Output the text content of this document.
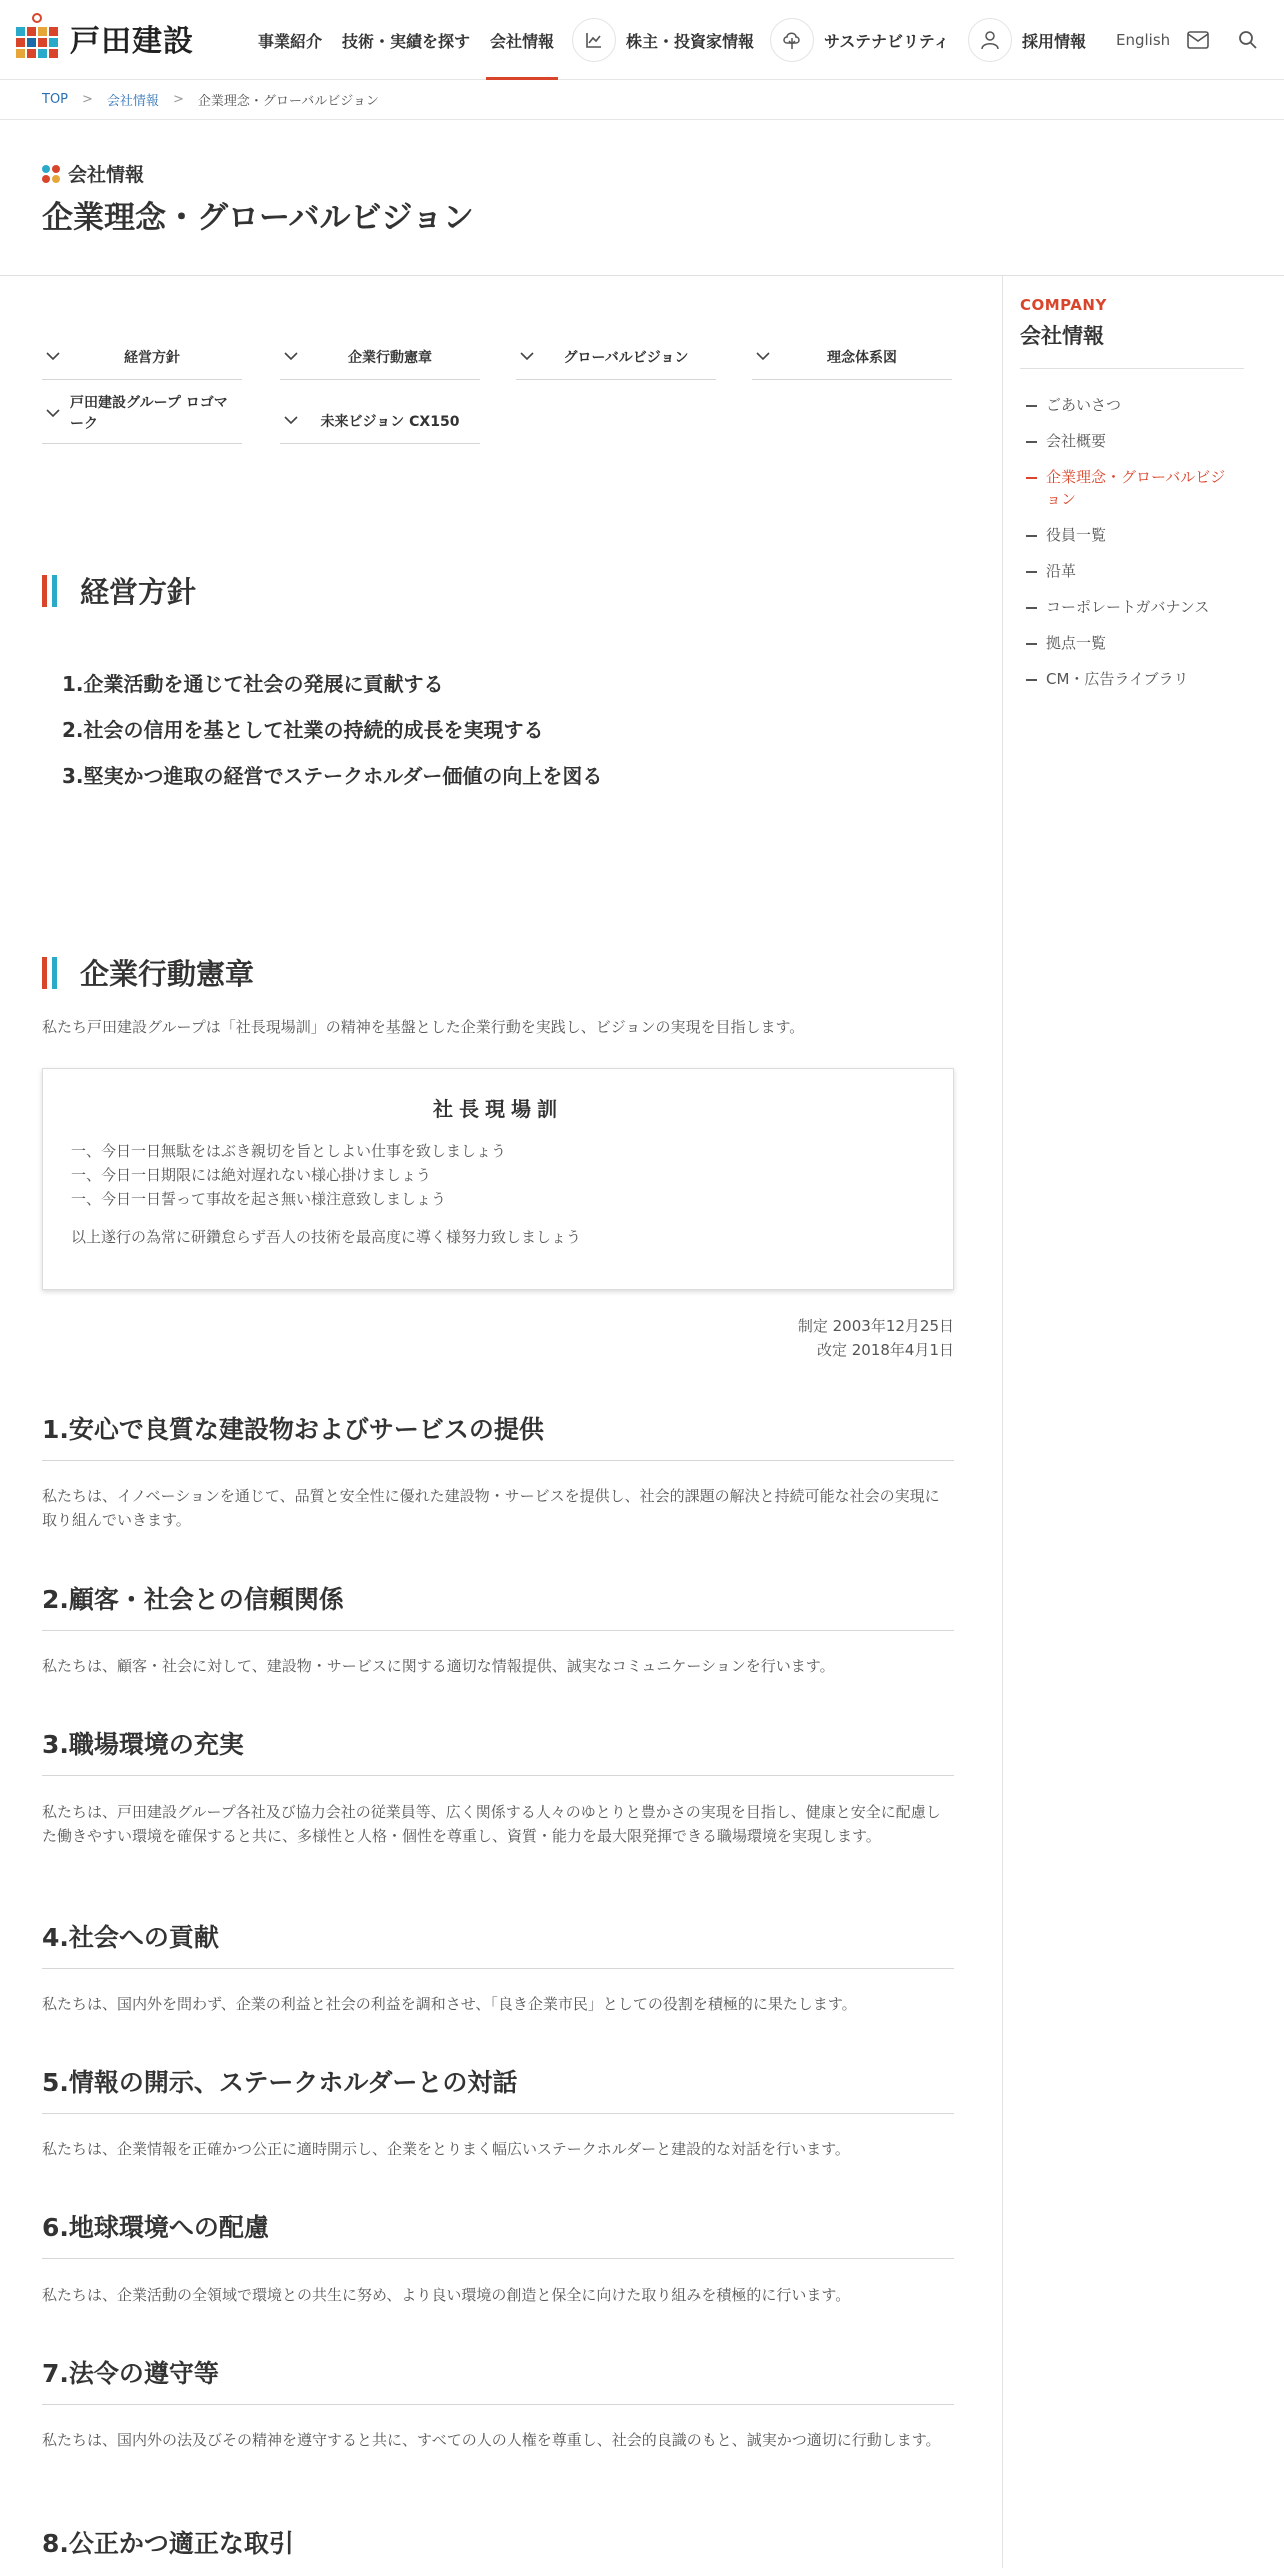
戸田建設	事業紹介 技術・実績を探す 会社情報	株主・投資家情報	サステナビリティ	採用情報 English
TOP > 会社情報 > 企業理念・グローバルビジョン
会社情報
企業理念・グローバルビジョン
COMPANY
会社情報
ごあいさつ
会社概要
企業理念・グローバルビジョン
役員一覧
沿革
コーポレートガバナンス
拠点一覧
CM・広告ライブラリ
経営方針	企業行動憲章	グローバルビジョン	理念体系図
戸田建設グループ ロゴマーク	未来ビジョン CX150
経営方針
1.企業活動を通じて社会の発展に貢献する
2.社会の信用を基として社業の持続的成長を実現する
3.堅実かつ進取の経営でステークホルダー価値の向上を図る
企業行動憲章

私たち戸田建設グループは「社長現場訓」の精神を基盤とした企業行動を実践し、ビジョンの実現を目指します。

社長現場訓
一、今日一日無駄をはぶき親切を旨としよい仕事を致しましょう
一、今日一日期限には絶対遅れない様心掛けましょう
一、今日一日誓って事故を起さ無い様注意致しましょう
以上遂行の為常に研鑽怠らず吾人の技術を最高度に導く様努力致しましょう
制定 2003年12月25日
改定 2018年4月1日
1.安心で良質な建設物およびサービスの提供

私たちは、イノベーションを通じて、品質と安全性に優れた建設物・サービスを提供し、社会的課題の解決と持続可能な社会の実現に取り組んでいきます。

2.顧客・社会との信頼関係

私たちは、顧客・社会に対して、建設物・サービスに関する適切な情報提供、誠実なコミュニケーションを行います。

3.職場環境の充実

私たちは、戸田建設グループ各社及び協力会社の従業員等、広く関係する人々のゆとりと豊かさの実現を目指し、健康と安全に配慮した働きやすい環境を確保すると共に、多様性と人格・個性を尊重し、資質・能力を最大限発揮できる職場環境を実現します。

4.社会への貢献

私たちは、国内外を問わず、企業の利益と社会の利益を調和させ、「良き企業市民」としての役割を積極的に果たします。

5.情報の開示、ステークホルダーとの対話

私たちは、企業情報を正確かつ公正に適時開示し、企業をとりまく幅広いステークホルダーと建設的な対話を行います。

6.地球環境への配慮

私たちは、企業活動の全領域で環境との共生に努め、より良い環境の創造と保全に向けた取り組みを積極的に行います。

7.法令の遵守等

私たちは、国内外の法及びその精神を遵守すると共に、すべての人の人権を尊重し、社会的良識のもと、誠実かつ適切に行動します。

8.公正かつ適正な取引
